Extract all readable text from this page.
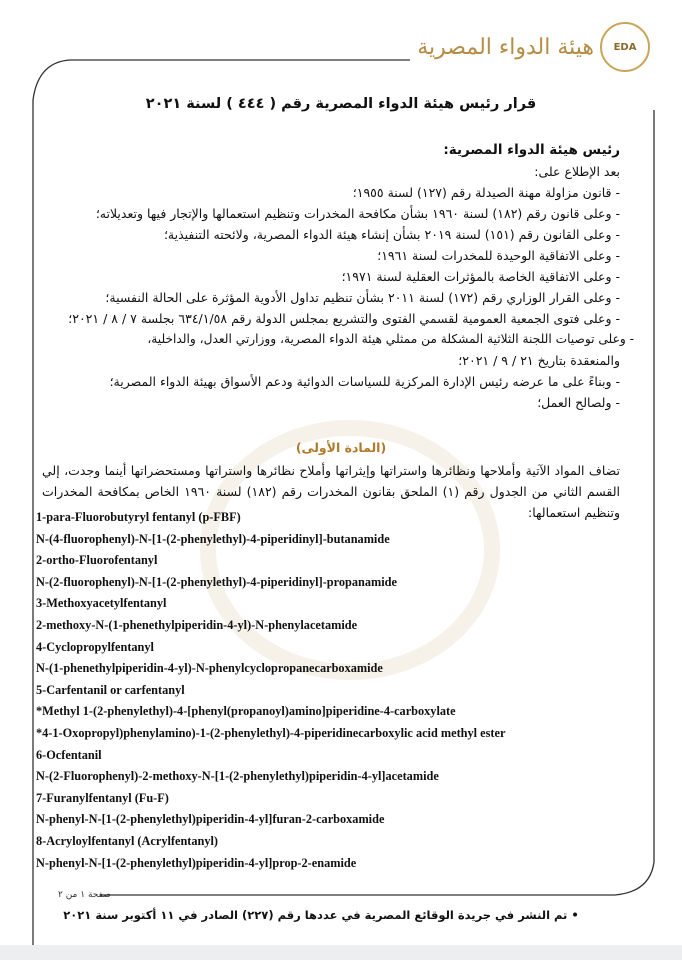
EDA
هيئة الدواء المصرية
قرار رئيس هيئة الدواء المصرية رقم ( ٤٤٤ ) لسنة ٢٠٢١
رئيس هيئة الدواء المصرية:
بعد الإطلاع على:
- قانون مزاولة مهنة الصيدلة رقم (١٢٧) لسنة ١٩٥٥؛
- وعلى قانون رقم (١٨٢) لسنة ١٩٦٠ بشأن مكافحة المخدرات وتنظيم استعمالها والإتجار فيها وتعديلاته؛
- وعلى القانون رقم (١٥١) لسنة ٢٠١٩ بشأن إنشاء هيئة الدواء المصرية، ولائحته التنفيذية؛
- وعلى الاتفاقية الوحيدة للمخدرات لسنة ١٩٦١؛
- وعلى الاتفاقية الخاصة بالمؤثرات العقلية لسنة ١٩٧١؛
- وعلى القرار الوزاري رقم (١٧٢) لسنة ٢٠١١ بشأن تنظيم تداول الأدوية المؤثرة على الحالة النفسية؛
- وعلى فتوى الجمعية العمومية لقسمي الفتوى والتشريع بمجلس الدولة رقم ٦٣٤/١/٥٨ بجلسة ٧ / ٨ / ٢٠٢١؛
- وعلى توصيات اللجنة الثلاثية المشكلة من ممثلي هيئة الدواء المصرية، ووزارتي العدل، والداخلية،
والمنعقدة بتاريخ ٢١ / ٩ / ٢٠٢١؛
- وبناءً على ما عرضه رئيس الإدارة المركزية للسياسات الدوائية ودعم الأسواق بهيئة الدواء المصرية؛
- ولصالح العمل؛
(المادة الأولى)
تضاف المواد الآتية وأملاحها ونظائرها واستراتها وإيثراتها وأملاح نظائرها واستراتها ومستحضراتها أينما وجدت، إلي القسم الثاني من الجدول رقم (١) الملحق بقانون المخدرات رقم (١٨٢) لسنة ١٩٦٠ الخاص بمكافحة المخدرات وتنظيم استعمالها:
1-para-Fluorobutyryl fentanyl (p-FBF)
N-(4-fluorophenyl)-N-[1-(2-phenylethyl)-4-piperidinyl]-butanamide
2-ortho-Fluorofentanyl
N-(2-fluorophenyl)-N-[1-(2-phenylethyl)-4-piperidinyl]-propanamide
3-Methoxyacetylfentanyl
2-methoxy-N-(1-phenethylpiperidin-4-yl)-N-phenylacetamide
4-Cyclopropylfentanyl
N-(1-phenethylpiperidin-4-yl)-N-phenylcyclopropanecarboxamide
5-Carfentanil or carfentanyl
*Methyl 1-(2-phenylethyl)-4-[phenyl(propanoyl)amino]piperidine-4-carboxylate
*4-1-Oxopropyl)phenylamino)-1-(2-phenylethyl)-4-piperidinecarboxylic acid methyl ester
6-Ocfentanil
N-(2-Fluorophenyl)-2-methoxy-N-[1-(2-phenylethyl)piperidin-4-yl]acetamide
7-Furanylfentanyl (Fu-F)
N-phenyl-N-[1-(2-phenylethyl)piperidin-4-yl]furan-2-carboxamide
8-Acryloylfentanyl (Acrylfentanyl)
N-phenyl-N-[1-(2-phenylethyl)piperidin-4-yl]prop-2-enamide
صفحة ١ من ٢
• تم النشر في جريدة الوقائع المصرية في عددها رقم (٢٢٧) الصادر في ١١ أكتوبر سنة ٢٠٢١
